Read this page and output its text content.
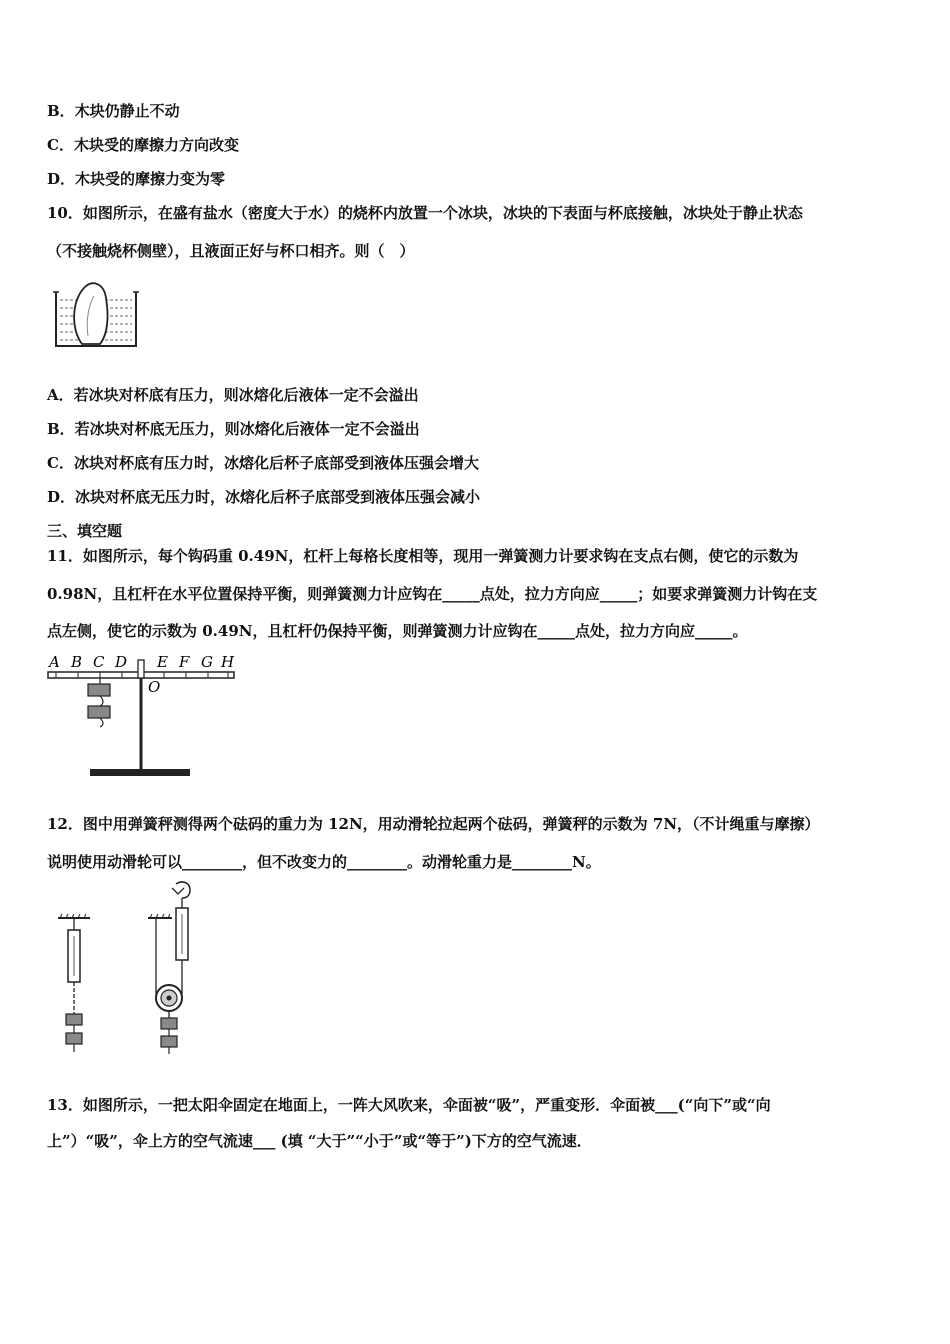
B．木块仍静止不动
C．木块受的摩擦力方向改变
D．木块受的摩擦力变为零
10．如图所示，在盛有盐水（密度大于水）的烧杯内放置一个冰块，冰块的下表面与杯底接触，冰块处于静止状态
（不接触烧杯侧壁），且液面正好与杯口相齐。则（　）
A．若冰块对杯底有压力，则冰熔化后液体一定不会溢出
B．若冰块对杯底无压力，则冰熔化后液体一定不会溢出
C．冰块对杯底有压力时，冰熔化后杯子底部受到液体压强会增大
D．冰块对杯底无压力时，冰熔化后杯子底部受到液体压强会减小
三、填空题
11．如图所示，每个钩码重 0.49N，杠杆上每格长度相等，现用一弹簧测力计要求钩在支点右侧，使它的示数为
0.98N，且杠杆在水平位置保持平衡，则弹簧测力计应钩在_____点处，拉力方向应_____；如要求弹簧测力计钩在支
点左侧，使它的示数为 0.49N，且杠杆仍保持平衡，则弹簧测力计应钩在_____点处，拉力方向应_____。
A B C D E F G H
O
12．图中用弹簧秤测得两个砝码的重力为 12N，用动滑轮拉起两个砝码，弹簧秤的示数为 7N，（不计绳重与摩擦）
说明使用动滑轮可以________，但不改变力的________。动滑轮重力是________N。
13．如图所示，一把太阳伞固定在地面上，一阵大风吹来，伞面被“吸”，严重变形．伞面被___(“向下”或“向
上”）“吸”，伞上方的空气流速___ (填 “大于”“小于”或“等于”)下方的空气流速．
